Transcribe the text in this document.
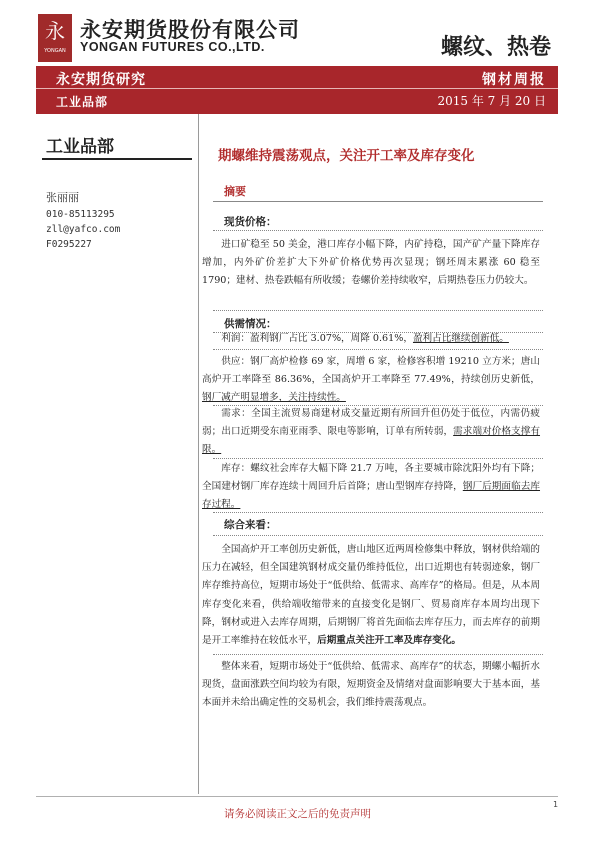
永
YONGAN
永安期货股份有限公司
YONGAN FUTURES CO.,LTD.	螺纹、热卷
永安期货研究
工业品部
钢材周报
2015 年 7 月 20 日
工业品部
张丽丽
010-85113295
zll@yafco.com
F0295227
期螺维持震荡观点，关注开工率及库存变化
摘要
现货价格：
进口矿稳至 50 美金，港口库存小幅下降，内矿持稳，国产矿产量下降库存增加，内外矿价差扩大下外矿价格优势再次显现；钢坯周末累涨 60 稳至 1790；建材、热卷跌幅有所收缓；卷螺价差持续收窄，后期热卷压力仍较大。
供需情况：
利润：盈利钢厂占比 3.07%，周降 0.61%，盈利占比继续创新低。
供应：钢厂高炉检修 69 家，周增 6 家，检修容积增 19210 立方米；唐山高炉开工率降至 86.36%，全国高炉开工率降至 77.49%，持续创历史新低，钢厂减产明显增多，关注持续性。
需求：全国主流贸易商建材成交量近期有所回升但仍处于低位，内需仍疲弱；出口近期受东南亚雨季、限电等影响，订单有所转弱，需求端对价格支撑有限。
库存：螺纹社会库存大幅下降 21.7 万吨，各主要城市除沈阳外均有下降；全国建材钢厂库存连续十周回升后首降；唐山型钢库存持降，钢厂后期面临去库存过程。
综合来看：
全国高炉开工率创历史新低，唐山地区近两周检修集中释放，钢材供给端的压力在减轻，但全国建筑钢材成交量仍维持低位，出口近期也有转弱迹象，钢厂库存维持高位，短期市场处于“低供给、低需求、高库存”的格局。但是，从本周库存变化来看，供给端收缩带来的直接变化是钢厂、贸易商库存本周均出现下降，钢材或进入去库存周期，后期钢厂将首先面临去库存压力，而去库存的前期是开工率维持在较低水平，后期重点关注开工率及库存变化。
整体来看，短期市场处于“低供给、低需求、高库存”的状态，期螺小幅折水现货，盘面涨跌空间均较为有限，短期资金及情绪对盘面影响要大于基本面，基本面并未给出确定性的交易机会，我们维持震荡观点。
1
请务必阅读正文之后的免责声明
